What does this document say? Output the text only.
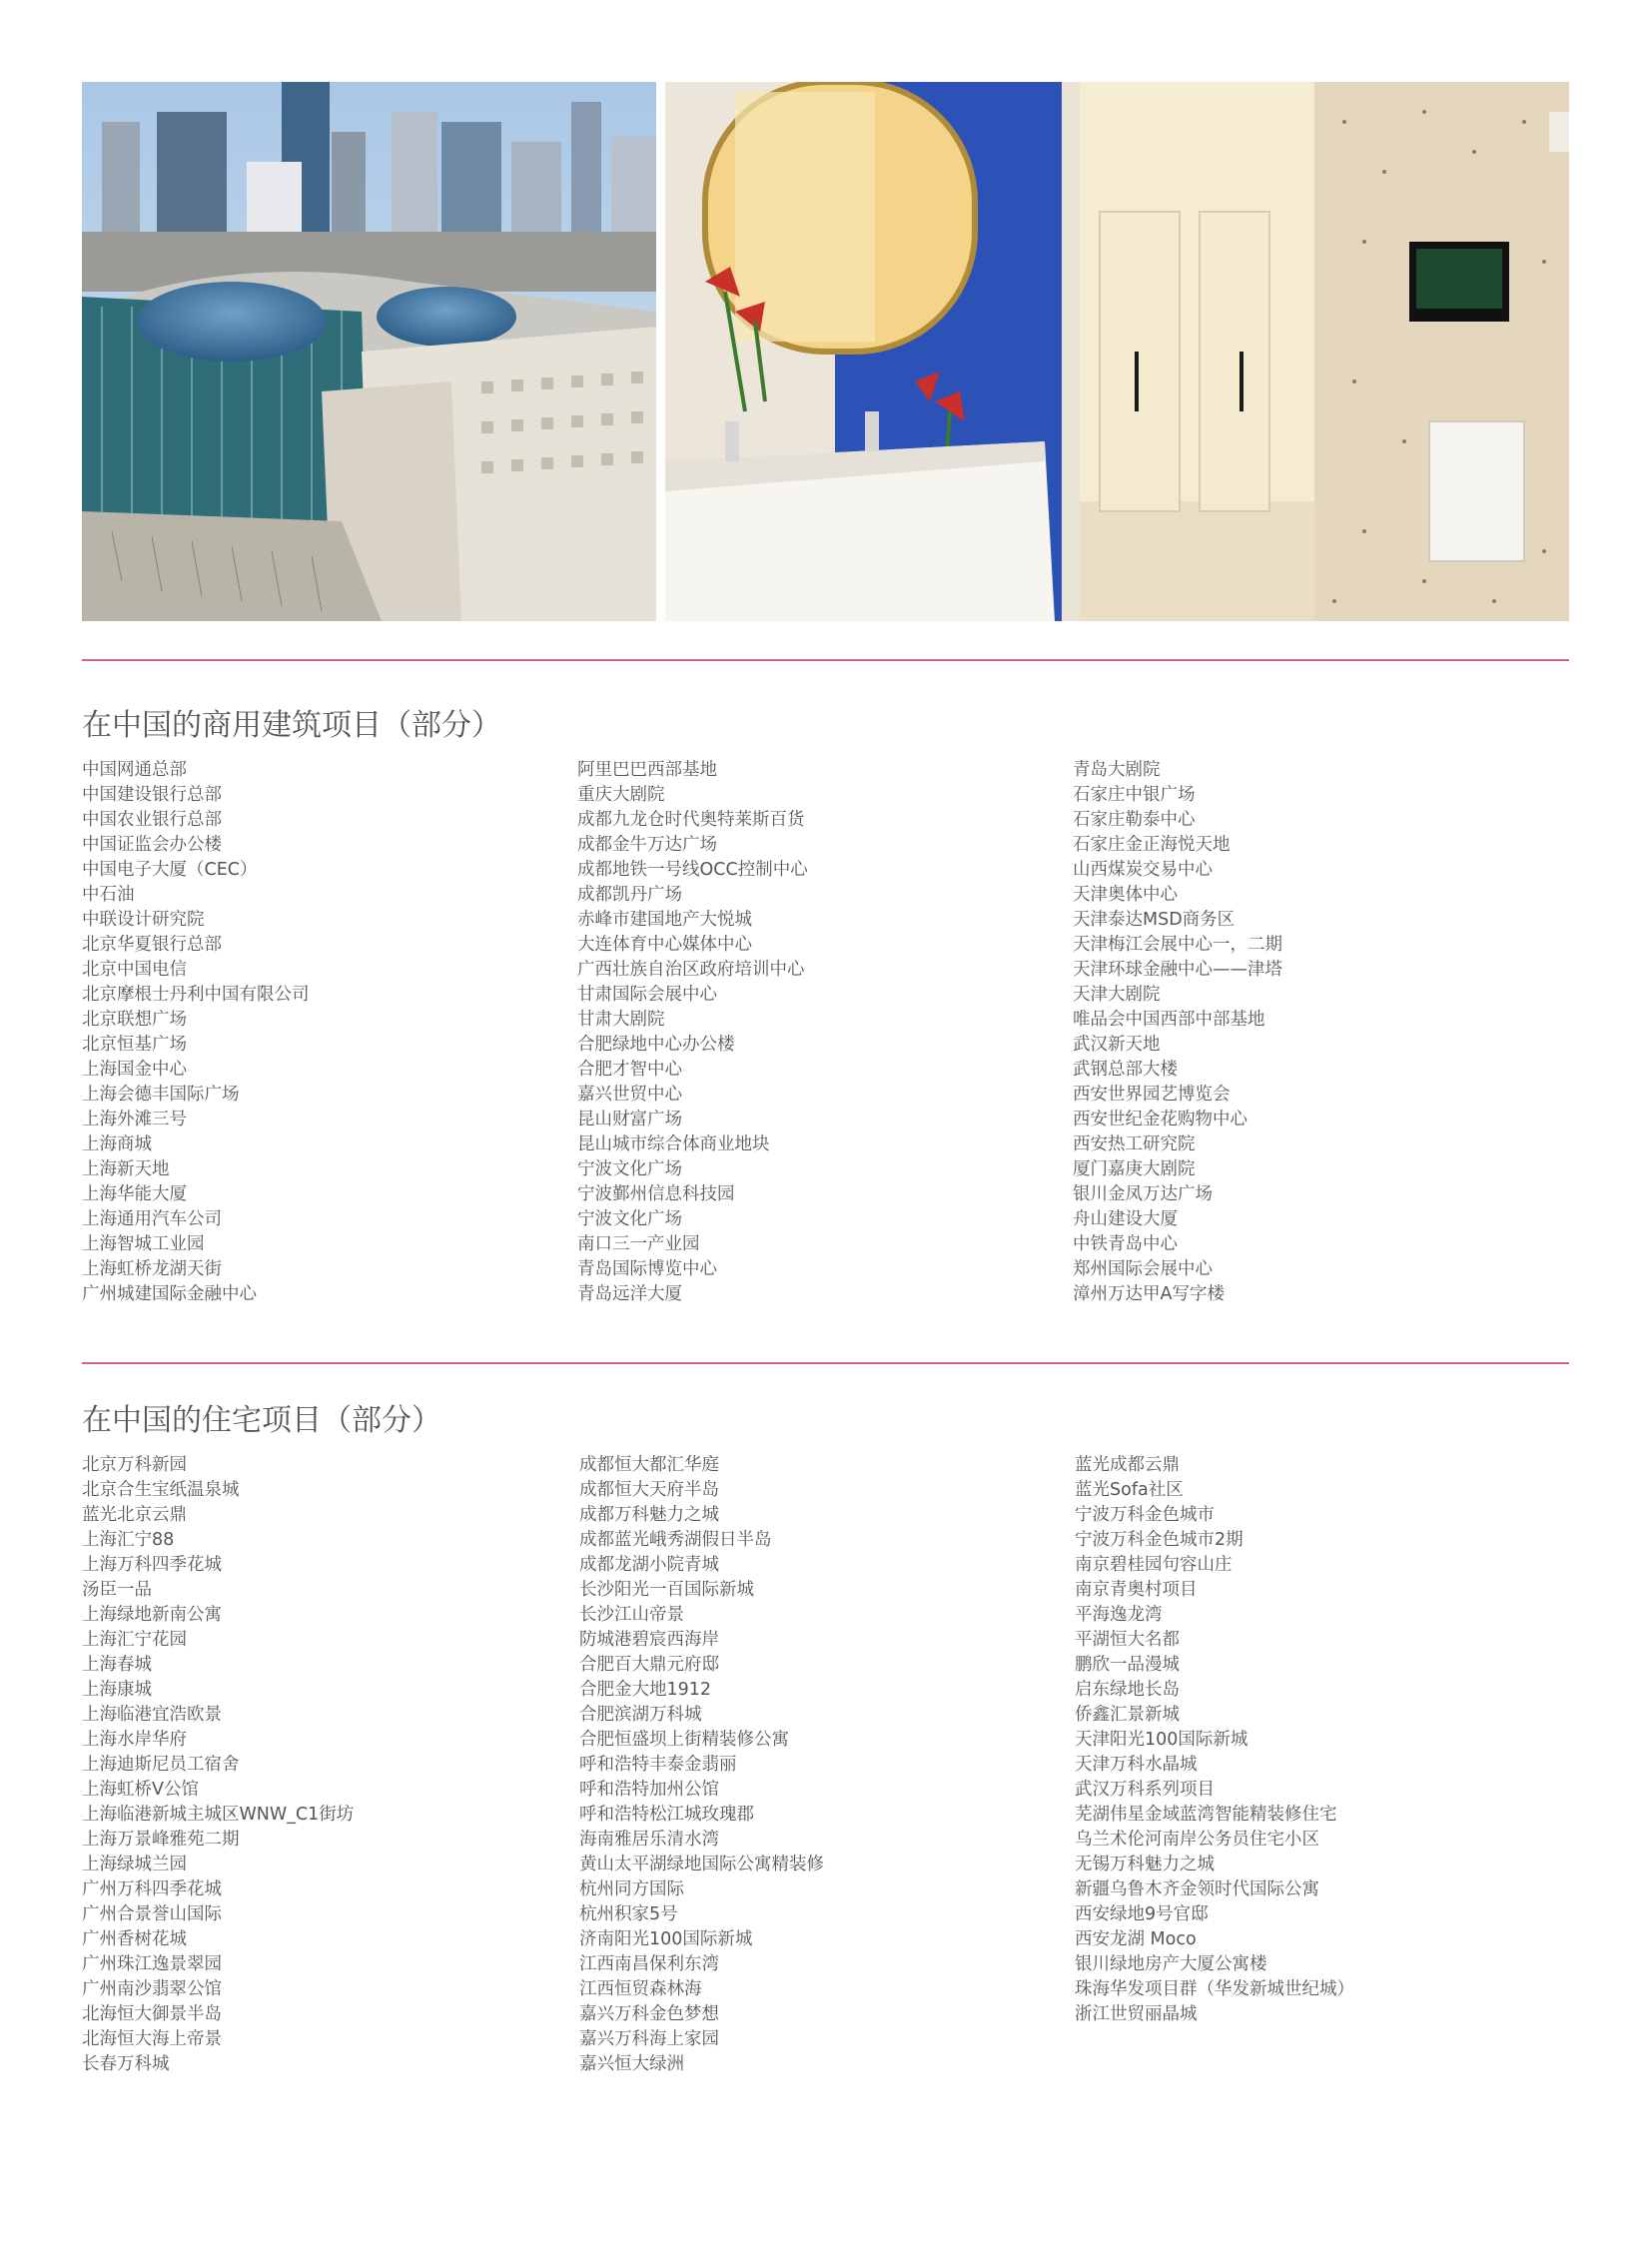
在中国的商用建筑项目（部分）
中国网通总部
中国建设银行总部
中国农业银行总部
中国证监会办公楼
中国电子大厦（CEC）
中石油
中联设计研究院
北京华夏银行总部
北京中国电信
北京摩根士丹利中国有限公司
北京联想广场
北京恒基广场
上海国金中心
上海会德丰国际广场
上海外滩三号
上海商城
上海新天地
上海华能大厦
上海通用汽车公司
上海智城工业园
上海虹桥龙湖天街
广州城建国际金融中心
阿里巴巴西部基地
重庆大剧院
成都九龙仓时代奥特莱斯百货
成都金牛万达广场
成都地铁一号线OCC控制中心
成都凯丹广场
赤峰市建国地产大悦城
大连体育中心媒体中心
广西壮族自治区政府培训中心
甘肃国际会展中心
甘肃大剧院
合肥绿地中心办公楼
合肥才智中心
嘉兴世贸中心
昆山财富广场
昆山城市综合体商业地块
宁波文化广场
宁波鄞州信息科技园
宁波文化广场
南口三一产业园
青岛国际博览中心
青岛远洋大厦
青岛大剧院
石家庄中银广场
石家庄勒泰中心
石家庄金正海悦天地
山西煤炭交易中心
天津奥体中心
天津泰达MSD商务区
天津梅江会展中心一，二期
天津环球金融中心——津塔
天津大剧院
唯品会中国西部中部基地
武汉新天地
武钢总部大楼
西安世界园艺博览会
西安世纪金花购物中心
西安热工研究院
厦门嘉庚大剧院
银川金凤万达广场
舟山建设大厦
中铁青岛中心
郑州国际会展中心
漳州万达甲A写字楼
在中国的住宅项目（部分）
北京万科新园
北京合生宝纸温泉城
蓝光北京云鼎
上海汇宁88
上海万科四季花城
汤臣一品
上海绿地新南公寓
上海汇宁花园
上海春城
上海康城
上海临港宜浩欧景
上海水岸华府
上海迪斯尼员工宿舍
上海虹桥V公馆
上海临港新城主城区WNW_C1街坊
上海万景峰雅苑二期
上海绿城兰园
广州万科四季花城
广州合景誉山国际
广州香树花城
广州珠江逸景翠园
广州南沙翡翠公馆
北海恒大御景半岛
北海恒大海上帝景
长春万科城
成都恒大都汇华庭
成都恒大天府半岛
成都万科魅力之城
成都蓝光峨秀湖假日半岛
成都龙湖小院青城
长沙阳光一百国际新城
长沙江山帝景
防城港碧宸西海岸
合肥百大鼎元府邸
合肥金大地1912
合肥滨湖万科城
合肥恒盛坝上街精装修公寓
呼和浩特丰泰金翡丽
呼和浩特加州公馆
呼和浩特松江城玫瑰郡
海南雅居乐清水湾
黄山太平湖绿地国际公寓精装修
杭州同方国际
杭州积家5号
济南阳光100国际新城
江西南昌保利东湾
江西恒贸森林海
嘉兴万科金色梦想
嘉兴万科海上家园
嘉兴恒大绿洲
蓝光成都云鼎
蓝光Sofa社区
宁波万科金色城市
宁波万科金色城市2期
南京碧桂园句容山庄
南京青奥村项目
平海逸龙湾
平湖恒大名都
鹏欣一品漫城
启东绿地长岛
侨鑫汇景新城
天津阳光100国际新城
天津万科水晶城
武汉万科系列项目
芜湖伟星金域蓝湾智能精装修住宅
乌兰术伦河南岸公务员住宅小区
无锡万科魅力之城
新疆乌鲁木齐金领时代国际公寓
西安绿地9号官邸
西安龙湖 Moco
银川绿地房产大厦公寓楼
珠海华发项目群（华发新城世纪城）
浙江世贸丽晶城
